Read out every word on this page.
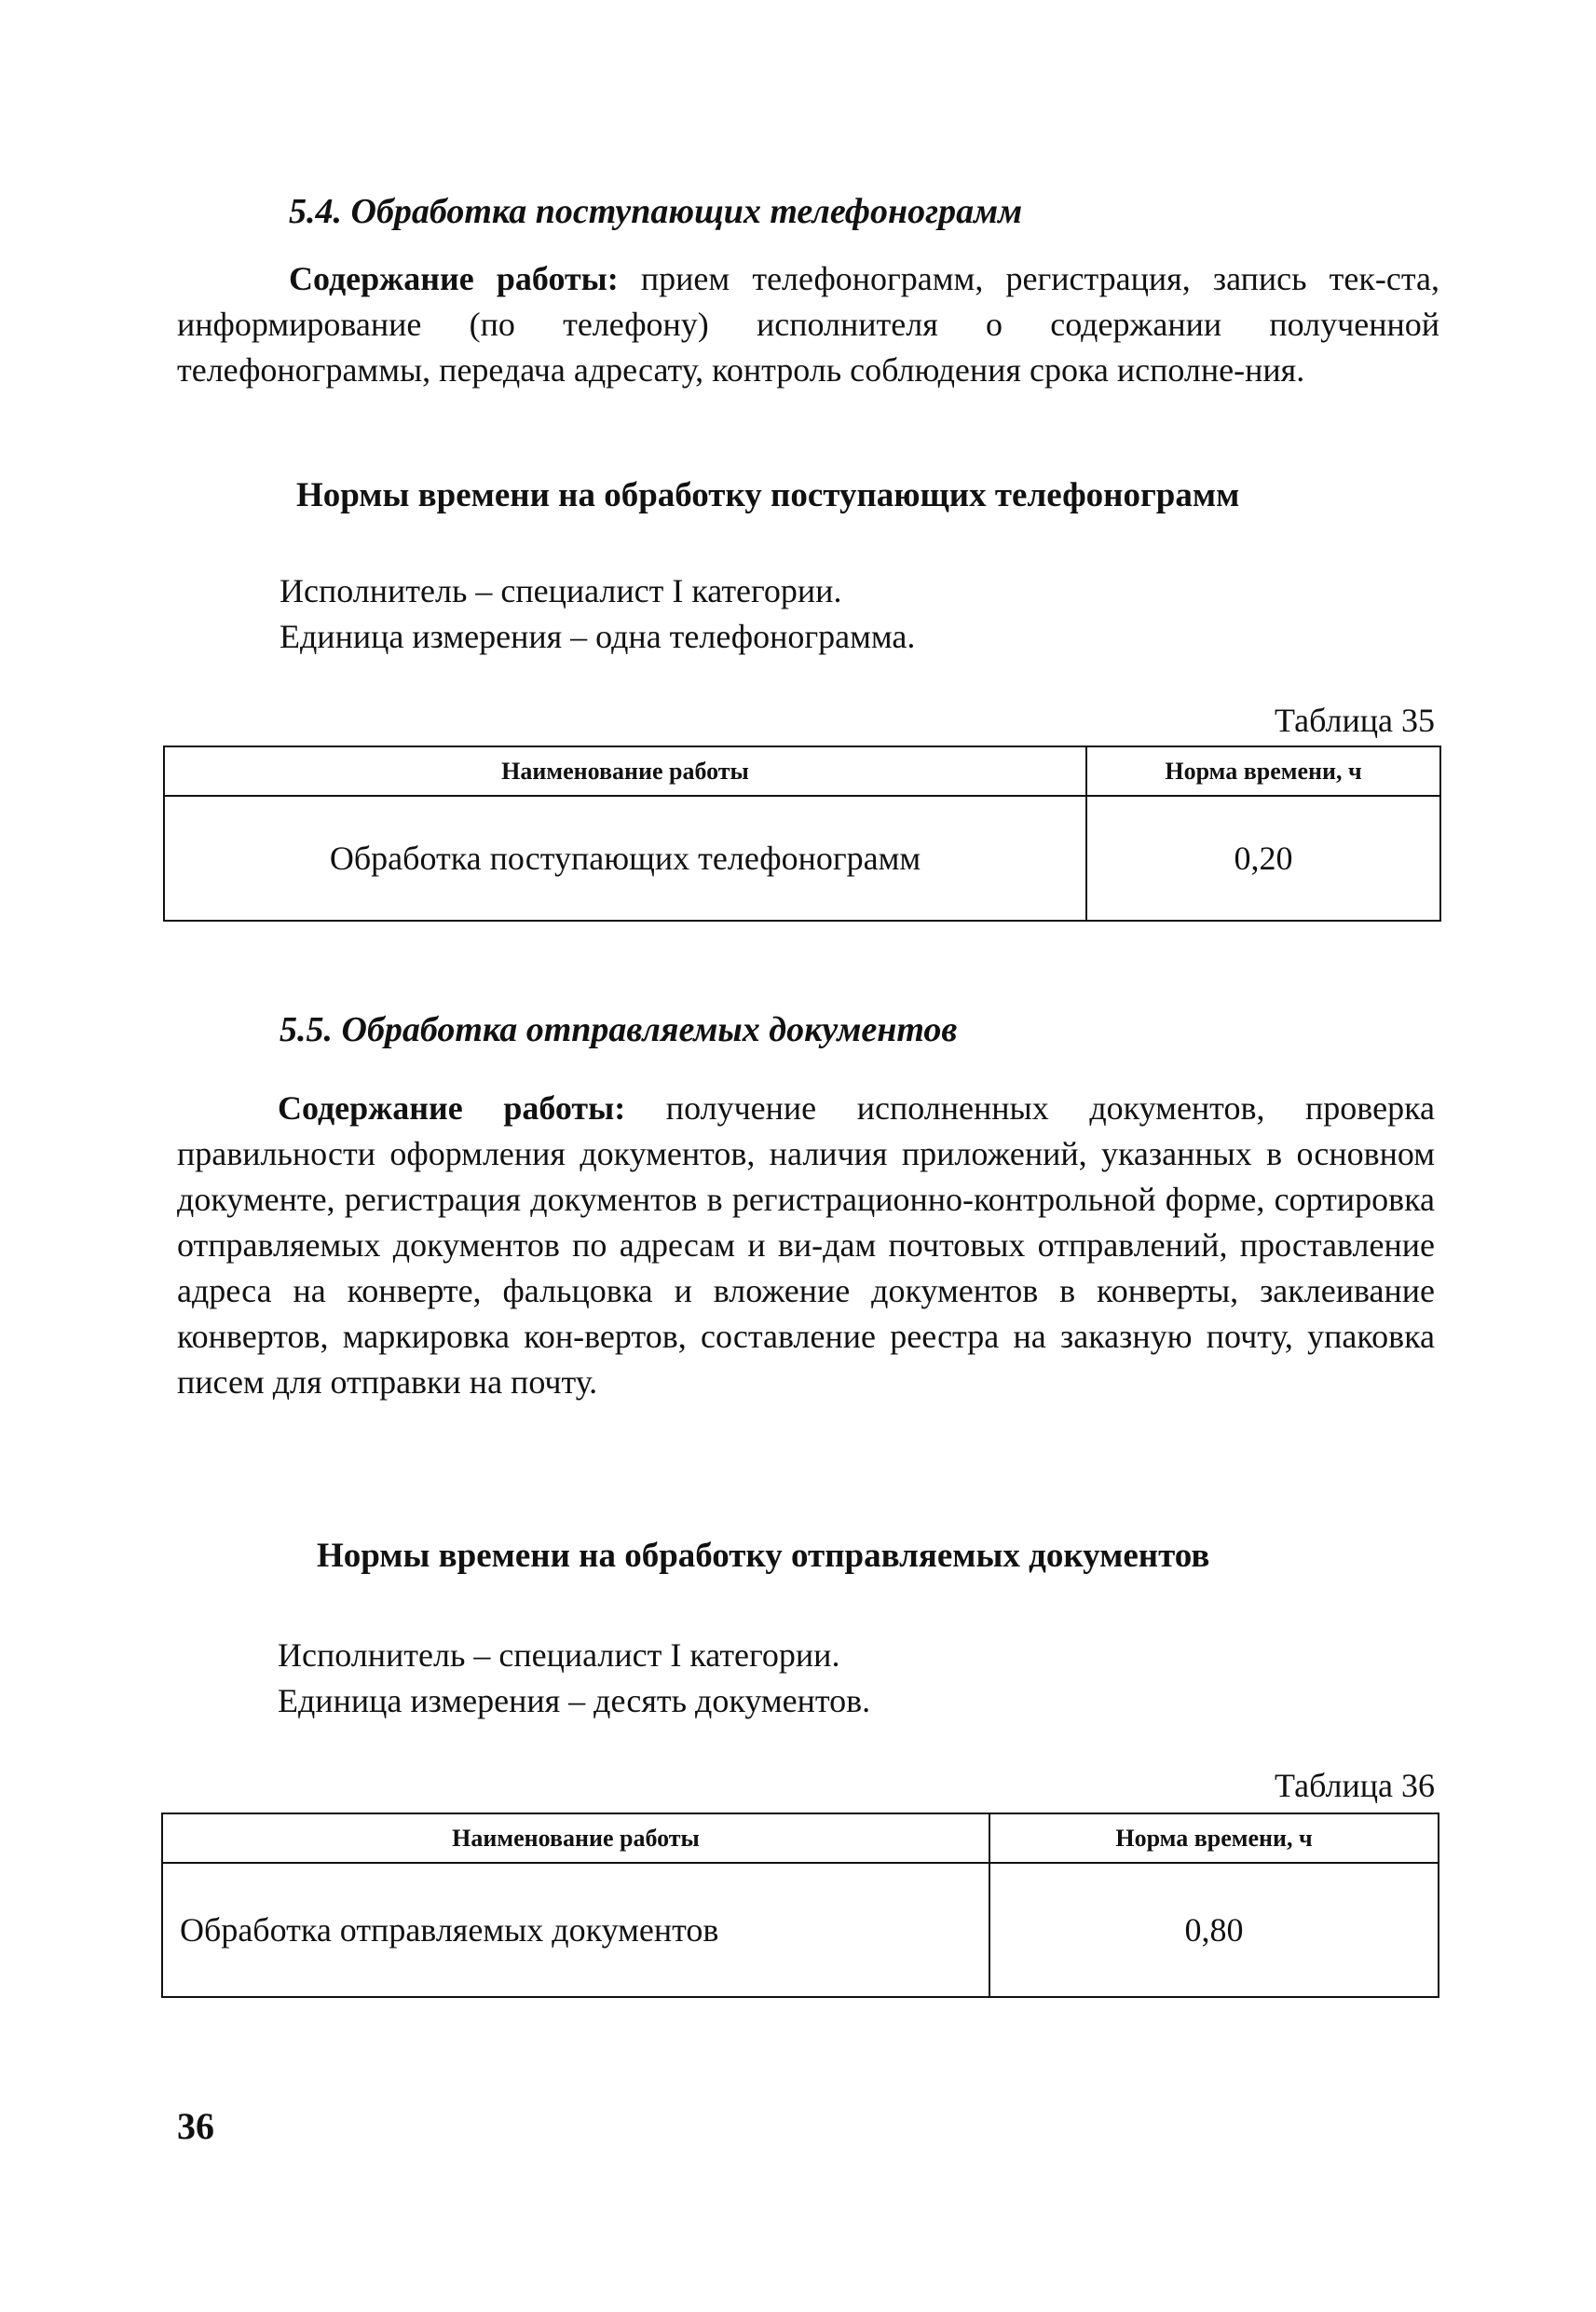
5.4. Обработка поступающих телефонограмм

Содержание работы: прием телефонограмм, регистрация, запись тек-ста, информирование (по телефону) исполнителя о содержании полученной телефонограммы, передача адресату, контроль соблюдения срока исполне-ния.

Нормы времени на обработку поступающих телефонограмм
Исполнитель – специалист I категории.
Единица измерения – одна телефонограмма.
Таблица 35
Наименование работы	Норма времени, ч
Обработка поступающих телефонограмм	0,20
5.5. Обработка отправляемых документов

Содержание работы: получение исполненных документов, проверка правильности оформления документов, наличия приложений, указанных в основном документе, регистрация документов в регистрационно-контрольной форме, сортировка отправляемых документов по адресам и ви-дам почтовых отправлений, проставление адреса на конверте, фальцовка и вложение документов в конверты, заклеивание конвертов, маркировка кон-вертов, составление реестра на заказную почту, упаковка писем для отправки на почту.

Нормы времени на обработку отправляемых документов
Исполнитель – специалист I категории.
Единица измерения – десять документов.
Таблица 36
Наименование работы	Норма времени, ч
Обработка отправляемых документов	0,80
36
